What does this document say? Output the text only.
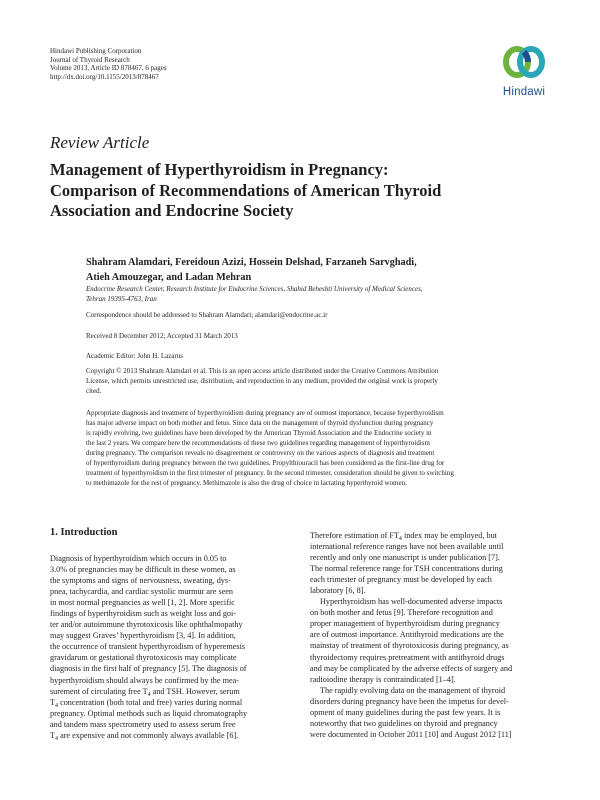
Hindawi Publishing Corporation
Journal of Thyroid Research
Volume 2013, Article ID 878467, 6 pages
http://dx.doi.org/10.1155/2013/878467
Hindawi
Review Article
Management of Hyperthyroidism in Pregnancy:
Comparison of Recommendations of American Thyroid
Association and Endocrine Society
Shahram Alamdari, Fereidoun Azizi, Hossein Delshad, Farzaneh Sarvghadi,
Atieh Amouzegar, and Ladan Mehran
Endocrine Research Center, Research Institute for Endocrine Sciences, Shahid Beheshti University of Medical Sciences,
Tehran 19395-4763, Iran
Correspondence should be addressed to Shahram Alamdari; alamdari@endocrine.ac.ir
Received 8 December 2012; Accepted 31 March 2013
Academic Editor: John H. Lazarus
Copyright © 2013 Shahram Alamdari et al. This is an open access article distributed under the Creative Commons Attribution
License, which permits unrestricted use, distribution, and reproduction in any medium, provided the original work is properly
cited.
Appropriate diagnosis and treatment of hyperthyroidism during pregnancy are of outmost importance, because hyperthyroidism
has major adverse impact on both mother and fetus. Since data on the management of thyroid dysfunction during pregnancy
is rapidly evolving, two guidelines have been developed by the American Thyroid Association and the Endocrine society in
the last 2 years. We compare here the recommendations of these two guidelines regarding management of hyperthyroidism
during pregnancy. The comparison reveals no disagreement or controversy on the various aspects of diagnosis and treatment
of hyperthyroidism during pregnancy between the two guidelines. Propylthiouracil has been considered as the first-line drug for
treatment of hyperthyroidism in the first trimester of pregnancy. In the second trimester, consideration should be given to switching
to methimazole for the rest of pregnancy. Methimazole is also the drug of choice in lactating hyperthyroid women.
1. Introduction
Diagnosis of hyperthyroidism which occurs in 0.05 to
3.0% of pregnancies may be difficult in these women, as
the symptoms and signs of nervousness, sweating, dys-
pnea, tachycardia, and cardiac systolic murmur are seen
in most normal pregnancies as well [1, 2]. More specific
findings of hyperthyroidism such as weight loss and goi-
ter and/or autoimmune thyrotoxicosis like ophthalmopathy
may suggest Graves’ hyperthyroidism [3, 4]. In addition,
the occurrence of transient hyperthyroidism of hyperemesis
gravidarum or gestational thyrotoxicosis may complicate
diagnosis in the first half of pregnancy [5]. The diagnosis of
hyperthyroidism should always be confirmed by the mea-
surement of circulating free $T_4$ and TSH. However, serum
$T_4$ concentration (both total and free) varies during normal
pregnancy. Optimal methods such as liquid chromatography
and tandem mass spectrometry used to assess serum free
$T_4$ are expensive and not commonly always available [6].
Therefore estimation of $FT_4$ index may be employed, but
international reference ranges have not been available until
recently and only one manuscript is under publication [7].
The normal reference range for TSH concentrations during
each trimester of pregnancy must be developed by each
laboratory [6, 8].
Hyperthyroidism has well-documented adverse impacts
on both mother and fetus [9]. Therefore recognition and
proper management of hyperthyroidism during pregnancy
are of outmost importance. Antithyroid medications are the
mainstay of treatment of thyrotoxicosis during pregnancy, as
thyroidectomy requires pretreatment with antithyroid drugs
and may be complicated by the adverse effects of surgery and
radioiodine therapy is contraindicated [1–4].
The rapidly evolving data on the management of thyroid
disorders during pregnancy have been the impetus for devel-
opment of many guidelines during the past few years. It is
noteworthy that two guidelines on thyroid and pregnancy
were documented in October 2011 [10] and August 2012 [11]
